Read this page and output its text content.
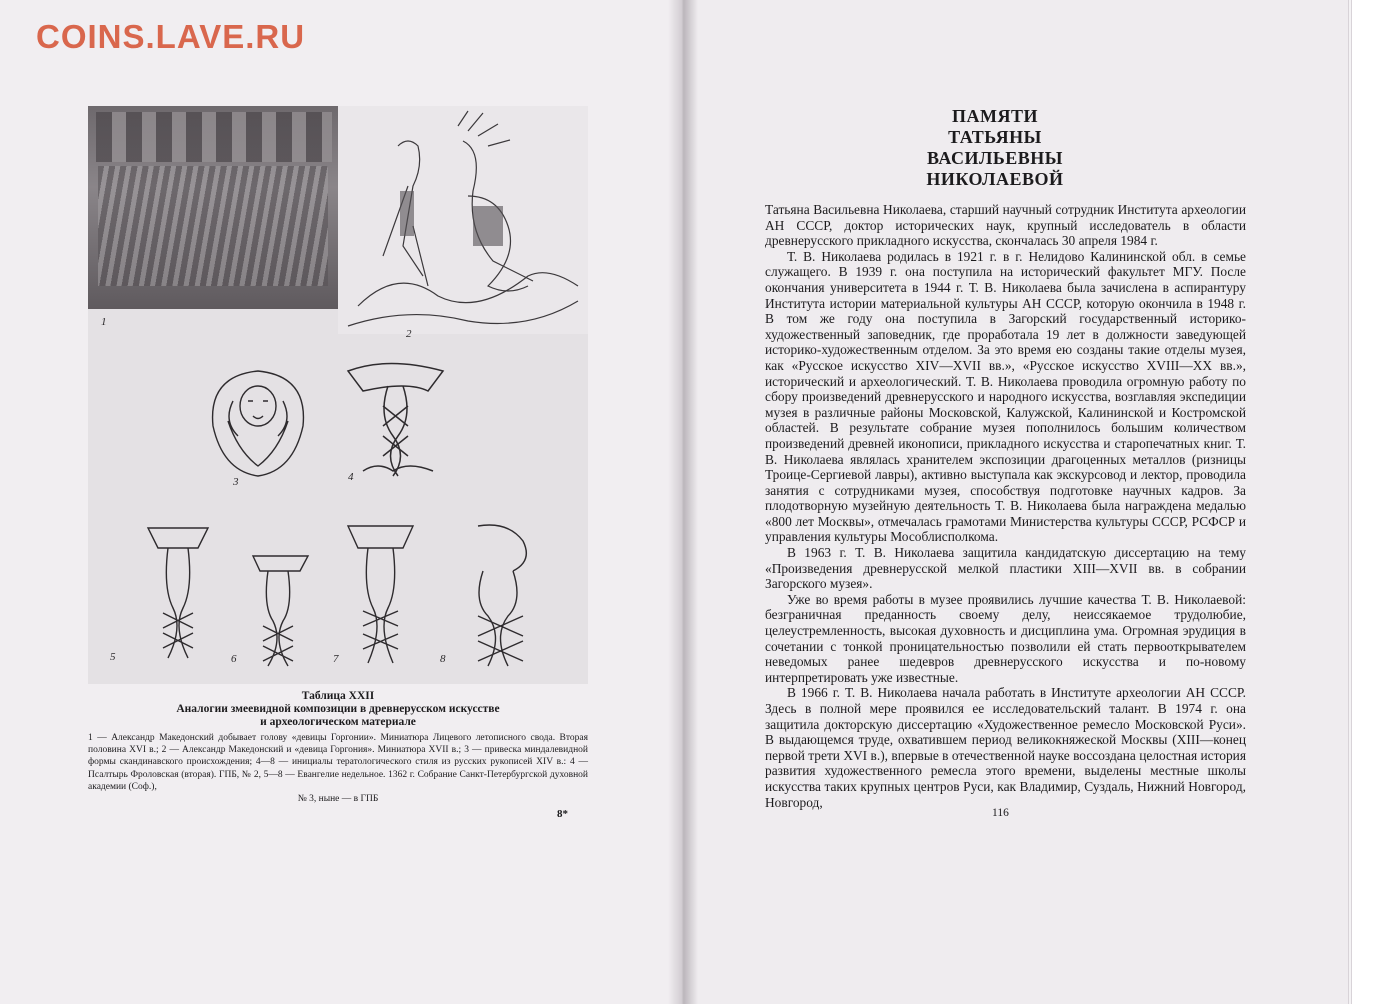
COINS.LAVE.RU
1
2
3	4
5	6	7	8
Таблица XXII
Аналогии змеевидной композиции в древнерусском искусстве
и археологическом материале
1 — Александр Македонский добывает голову «девицы Горгонии». Миниатюра Лицевого летописного свода. Вторая половина XVI в.; 2 — Александр Македонский и «девица Горгония». Миниатюра XVII в.; 3 — привеска миндалевидной формы скандинавского происхождения; 4—8 — инициалы тератологического стиля из русских рукописей XIV в.: 4 — Псалтырь Фроловская (вторая). ГПБ, № 2, 5—8 — Евангелие недельное. 1362 г. Собрание Санкт-Петербургской духовной академии (Соф.),
№ 3, ныне — в ГПБ
8*
ПАМЯТИ
ТАТЬЯНЫ ВАСИЛЬЕВНЫ
НИКОЛАЕВОЙ

Татьяна Васильевна Николаева, старший научный сотрудник Института археологии АН СССР, доктор исторических наук, крупный исследователь в области древнерусского прикладного искусства, скончалась 30 апреля 1984 г.

Т. В. Николаева родилась в 1921 г. в г. Нелидово Калининской обл. в семье служащего. В 1939 г. она поступила на исторический факультет МГУ. После окончания университета в 1944 г. Т. В. Николаева была зачислена в аспирантуру Института истории материальной культуры АН СССР, которую окончила в 1948 г. В том же году она поступила в Загорский государственный историко-художественный заповедник, где проработала 19 лет в должности заведующей историко-художественным отделом. За это время ею созданы такие отделы музея, как «Русское искусство XIV—XVII вв.», «Русское искусство XVIII—XX вв.», исторический и археологический. Т. В. Николаева проводила огромную работу по сбору произведений древнерусского и народного искусства, возглавляя экспедиции музея в различные районы Московской, Калужской, Калининской и Костромской областей. В результате собрание музея пополнилось большим количеством произведений древней иконописи, прикладного искусства и старопечатных книг. Т. В. Николаева являлась хранителем экспозиции драгоценных металлов (ризницы Троице-Сергиевой лавры), активно выступала как экскурсовод и лектор, проводила занятия с сотрудниками музея, способствуя подготовке научных кадров. За плодотворную музейную деятельность Т. В. Николаева была награждена медалью «800 лет Москвы», отмечалась грамотами Министерства культуры СССР, РСФСР и управления культуры Мособлисполкома.

В 1963 г. Т. В. Николаева защитила кандидатскую диссертацию на тему «Произведения древнерусской мелкой пластики XIII—XVII вв. в собрании Загорского музея».

Уже во время работы в музее проявились лучшие качества Т. В. Николаевой: безграничная преданность своему делу, неиссякаемое трудолюбие, целеустремленность, высокая духовность и дисциплина ума. Огромная эрудиция в сочетании с тонкой проницательностью позволили ей стать первооткрывателем неведомых ранее шедевров древнерусского искусства и по-новому интерпретировать уже известные.

В 1966 г. Т. В. Николаева начала работать в Институте археологии АН СССР. Здесь в полной мере проявился ее исследовательский талант. В 1974 г. она защитила докторскую диссертацию «Художественное ремесло Московской Руси». В выдающемся труде, охватившем период великокняжеской Москвы (XIII—конец первой трети XVI в.), впервые в отечественной науке воссоздана целостная история развития художественного ремесла этого времени, выделены местные школы искусства таких крупных центров Руси, как Владимир, Суздаль, Нижний Новгород, Новгород,

116
